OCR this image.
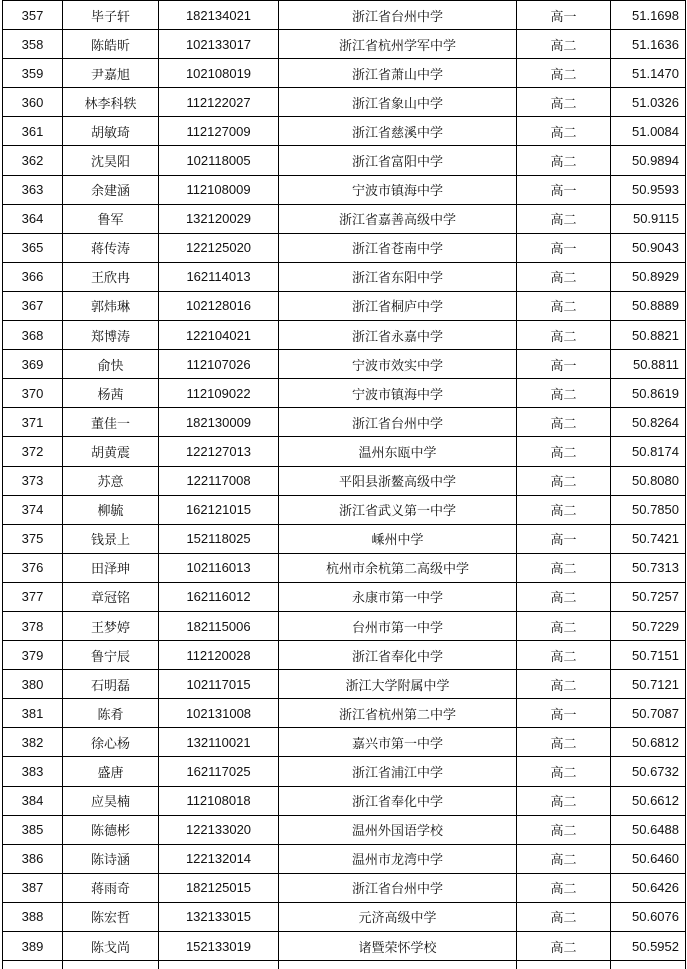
357	毕子轩	182134021	浙江省台州中学	高一	51.1698
358	陈皓昕	102133017	浙江省杭州学军中学	高二	51.1636
359	尹嘉旭	102108019	浙江省萧山中学	高二	51.1470
360	林李科轶	112122027	浙江省象山中学	高二	51.0326
361	胡敏琦	112127009	浙江省慈溪中学	高二	51.0084
362	沈昊阳	102118005	浙江省富阳中学	高二	50.9894
363	余建涵	112108009	宁波市镇海中学	高一	50.9593
364	鲁军	132120029	浙江省嘉善高级中学	高二	50.9115
365	蒋传涛	122125020	浙江省苍南中学	高一	50.9043
366	王欣冉	162114013	浙江省东阳中学	高二	50.8929
367	郭炜琳	102128016	浙江省桐庐中学	高二	50.8889
368	郑博涛	122104021	浙江省永嘉中学	高二	50.8821
369	俞快	112107026	宁波市效实中学	高一	50.8811
370	杨茜	112109022	宁波市镇海中学	高二	50.8619
371	董佳一	182130009	浙江省台州中学	高二	50.8264
372	胡黄震	122127013	温州东瓯中学	高二	50.8174
373	苏意	122117008	平阳县浙鳌高级中学	高二	50.8080
374	柳毓	162121015	浙江省武义第一中学	高二	50.7850
375	钱景上	152118025	嵊州中学	高一	50.7421
376	田泽珅	102116013	杭州市余杭第二高级中学	高二	50.7313
377	章冠铭	162116012	永康市第一中学	高二	50.7257
378	王梦婷	182115006	台州市第一中学	高二	50.7229
379	鲁宁辰	112120028	浙江省奉化中学	高二	50.7151
380	石明磊	102117015	浙江大学附属中学	高二	50.7121
381	陈肴	102131008	浙江省杭州第二中学	高一	50.7087
382	徐心杨	132110021	嘉兴市第一中学	高二	50.6812
383	盛唐	162117025	浙江省浦江中学	高二	50.6732
384	应昊楠	112108018	浙江省奉化中学	高二	50.6612
385	陈德彬	122133020	温州外国语学校	高二	50.6488
386	陈诗涵	122132014	温州市龙湾中学	高二	50.6460
387	蒋雨奇	182125015	浙江省台州中学	高二	50.6426
388	陈宏哲	132133015	元济高级中学	高二	50.6076
389	陈戈尚	152133019	诸暨荣怀学校	高二	50.5952
